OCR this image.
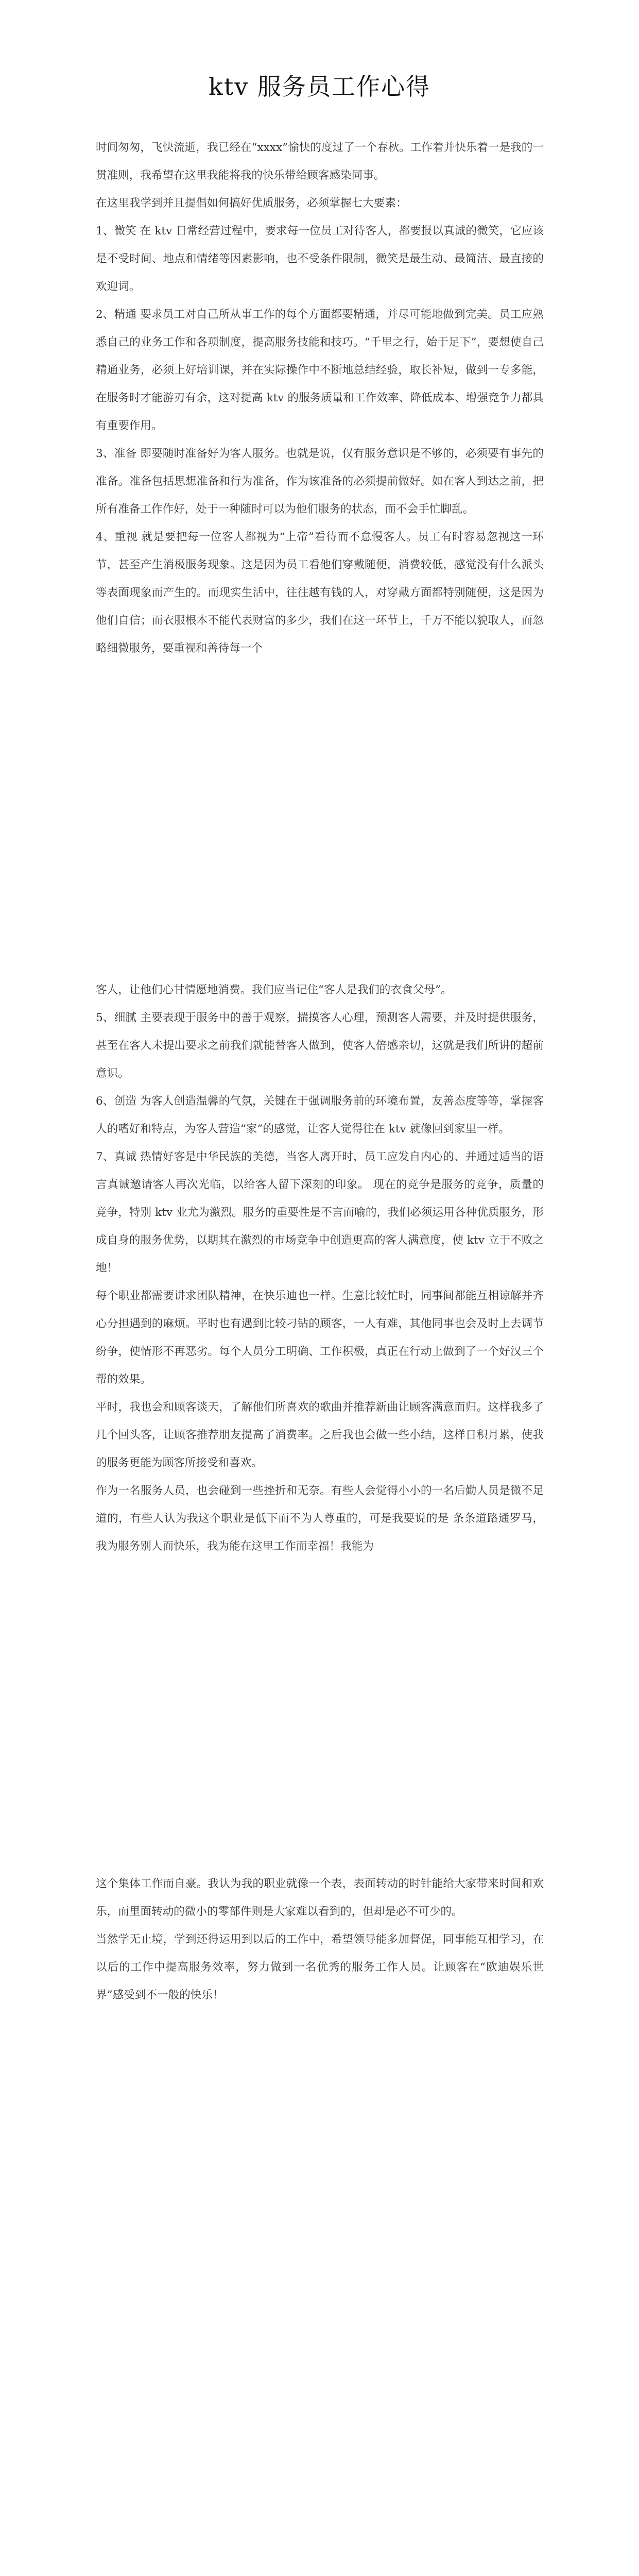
ktv 服务员工作心得

时间匆匆，飞快流逝，我已经在“xxxx”愉快的度过了一个春秋。工作着并快乐着一是我的一贯准则，我希望在这里我能将我的快乐带给顾客感染同事。

在这里我学到并且提倡如何搞好优质服务，必须掌握七大要素：

1、微笑 在 ktv 日常经营过程中，要求每一位员工对待客人，都要报以真诚的微笑，它应该是不受时间、地点和情绪等因素影响，也不受条件限制，微笑是最生动、最简洁、最直接的欢迎词。

2、精通 要求员工对自己所从事工作的每个方面都要精通，并尽可能地做到完美。员工应熟悉自己的业务工作和各项制度，提高服务技能和技巧。“千里之行，始于足下”，要想使自己精通业务，必须上好培训课，并在实际操作中不断地总结经验，取长补短，做到一专多能，在服务时才能游刃有余，这对提高 ktv 的服务质量和工作效率、降低成本、增强竞争力都具有重要作用。

3、准备 即要随时准备好为客人服务。也就是说，仅有服务意识是不够的，必须要有事先的准备。准备包括思想准备和行为准备，作为该准备的必须提前做好。如在客人到达之前，把所有准备工作作好，处于一种随时可以为他们服务的状态，而不会手忙脚乱。

4、重视 就是要把每一位客人都视为“上帝”看待而不怠慢客人。员工有时容易忽视这一环节，甚至产生消极服务现象。这是因为员工看他们穿戴随便，消费较低，感觉没有什么派头等表面现象而产生的。而现实生活中，往往越有钱的人，对穿戴方面都特别随便，这是因为他们自信；而衣服根本不能代表财富的多少，我们在这一环节上，千万不能以貌取人，而忽略细微服务，要重视和善待每一个

客人，让他们心甘情愿地消费。我们应当记住“客人是我们的衣食父母”。

5、细腻 主要表现于服务中的善于观察，揣摸客人心理，预测客人需要，并及时提供服务，甚至在客人未提出要求之前我们就能替客人做到，使客人倍感亲切，这就是我们所讲的超前意识。

6、创造 为客人创造温馨的气氛，关键在于强调服务前的环境布置，友善态度等等，掌握客人的嗜好和特点，为客人营造“家”的感觉，让客人觉得往在 ktv 就像回到家里一样。

7、真诚 热情好客是中华民族的美德，当客人离开时，员工应发自内心的、并通过适当的语言真诚邀请客人再次光临，以给客人留下深刻的印象。 现在的竞争是服务的竞争，质量的竞争，特别 ktv 业尤为激烈。服务的重要性是不言而喻的，我们必须运用各种优质服务，形成自身的服务优势，以期其在激烈的市场竞争中创造更高的客人满意度，使 ktv 立于不败之地！

每个职业都需要讲求团队精神，在快乐迪也一样。生意比较忙时，同事间都能互相谅解并齐心分担遇到的麻烦。平时也有遇到比较刁钻的顾客，一人有难，其他同事也会及时上去调节纷争，使情形不再恶劣。每个人员分工明确、工作积极，真正在行动上做到了一个好汉三个帮的效果。

平时，我也会和顾客谈天，了解他们所喜欢的歌曲并推荐新曲让顾客满意而归。这样我多了几个回头客，让顾客推荐朋友提高了消费率。之后我也会做一些小结，这样日积月累，使我的服务更能为顾客所接受和喜欢。

作为一名服务人员，也会碰到一些挫折和无奈。有些人会觉得小小的一名后勤人员是微不足道的，有些人认为我这个职业是低下而不为人尊重的，可是我要说的是 条条道路通罗马，我为服务别人而快乐，我为能在这里工作而幸福！我能为

这个集体工作而自豪。我认为我的职业就像一个表，表面转动的时针能给大家带来时间和欢乐，而里面转动的微小的零部件则是大家难以看到的，但却是必不可少的。

当然学无止境，学到还得运用到以后的工作中，希望领导能多加督促，同事能互相学习，在以后的工作中提高服务效率，努力做到一名优秀的服务工作人员。让顾客在“欧迪娱乐世界”感受到不一般的快乐！
